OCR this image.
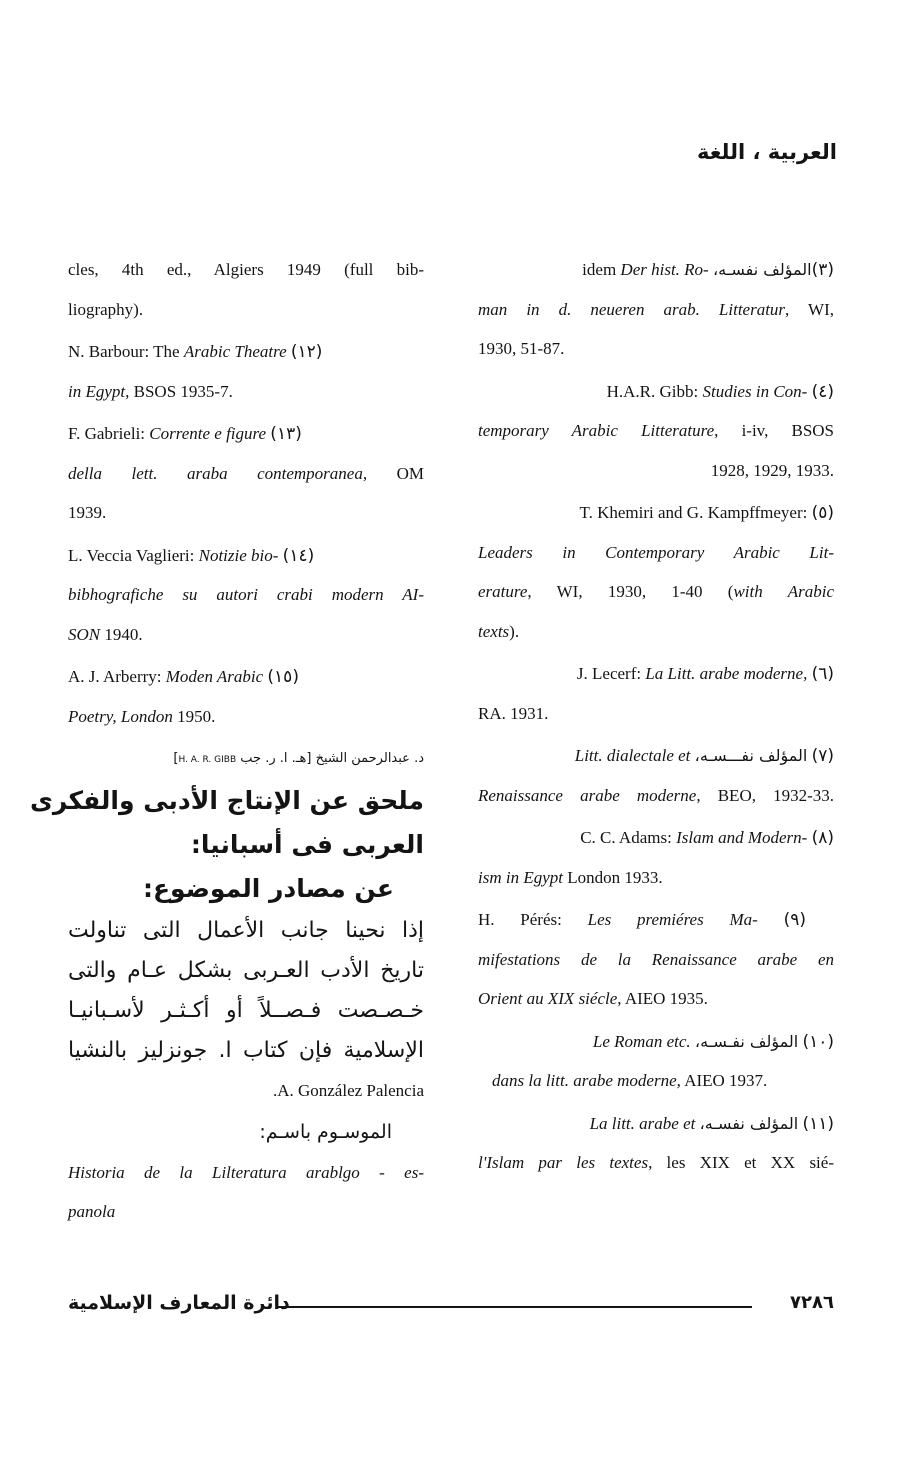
العربية ، اللغة
idem Der hist. Ro- المؤلف نفسـه،(٣)
man in d. neueren arab. Litteratur, WI,
1930, 51-87.
H.A.R. Gibb: Studies in Con- (٤)
temporary Arabic Litterature, i-iv, BSOS
1928, 1929, 1933.
T. Khemiri and G. Kampffmeyer: (٥)
Leaders in Contemporary Arabic Lit-
erature, WI, 1930, 1-40 (with Arabic
texts).
J. Lecerf: La Litt. arabe moderne, (٦)
RA. 1931.
Litt. dialectale et المؤلف نفـــسـه، (٧)
Renaissance arabe moderne, BEO, 1932-33.
C. C. Adams: Islam and Modern- (٨)
ism in Egypt London 1933.
H. Pérés: Les premiéres Ma- (٩)
mifestations de la Renaissance arabe en
Orient au XIX siécle, AIEO 1935.
Le Roman etc. المؤلف نفـسـه، (١٠)
dans la litt. arabe moderne, AIEO 1937.
La litt. arabe et المؤلف نفسـه، (١١)
l'Islam par les textes, les XIX et XX sié-
cles, 4th ed., Algiers 1949 (full bib-
liography).
N. Barbour: The Arabic Theatre (١٢)
in Egypt, BSOS 1935-7.
F. Gabrieli: Corrente e figure (١٣)
della lett. araba contemporanea, OM
1939.
L. Veccia Vaglieri: Notizie bio- (١٤)
bibhografiche su autori crabi modern AI-
SON 1940.
A. J. Arberry: Moden Arabic (١٥)
Poetry, London 1950.
د. عبدالرحمن الشيخ [هـ. ا. ر. جب H. A. R. GIBB]
ملحق عن الإنتاج الأدبى والفكرى
العربى فى أسبانيا:
عن مصادر الموضوع:
إذا نحينا جانب الأعمال التى تناولت
تاريخ الأدب العـربى بشكل عـام والتى
خـصـصت فـصــلاً أو أكـثـر لأسـبانيـا
الإسلامية فإن كتاب ا. جونزليز بالنشيا
.A. González Palencia
الموسـوم باسـم:
Historia de la Lilteratura arablgo - es-
panola
دائرة المعارف الإسلامية	٧٢٨٦
